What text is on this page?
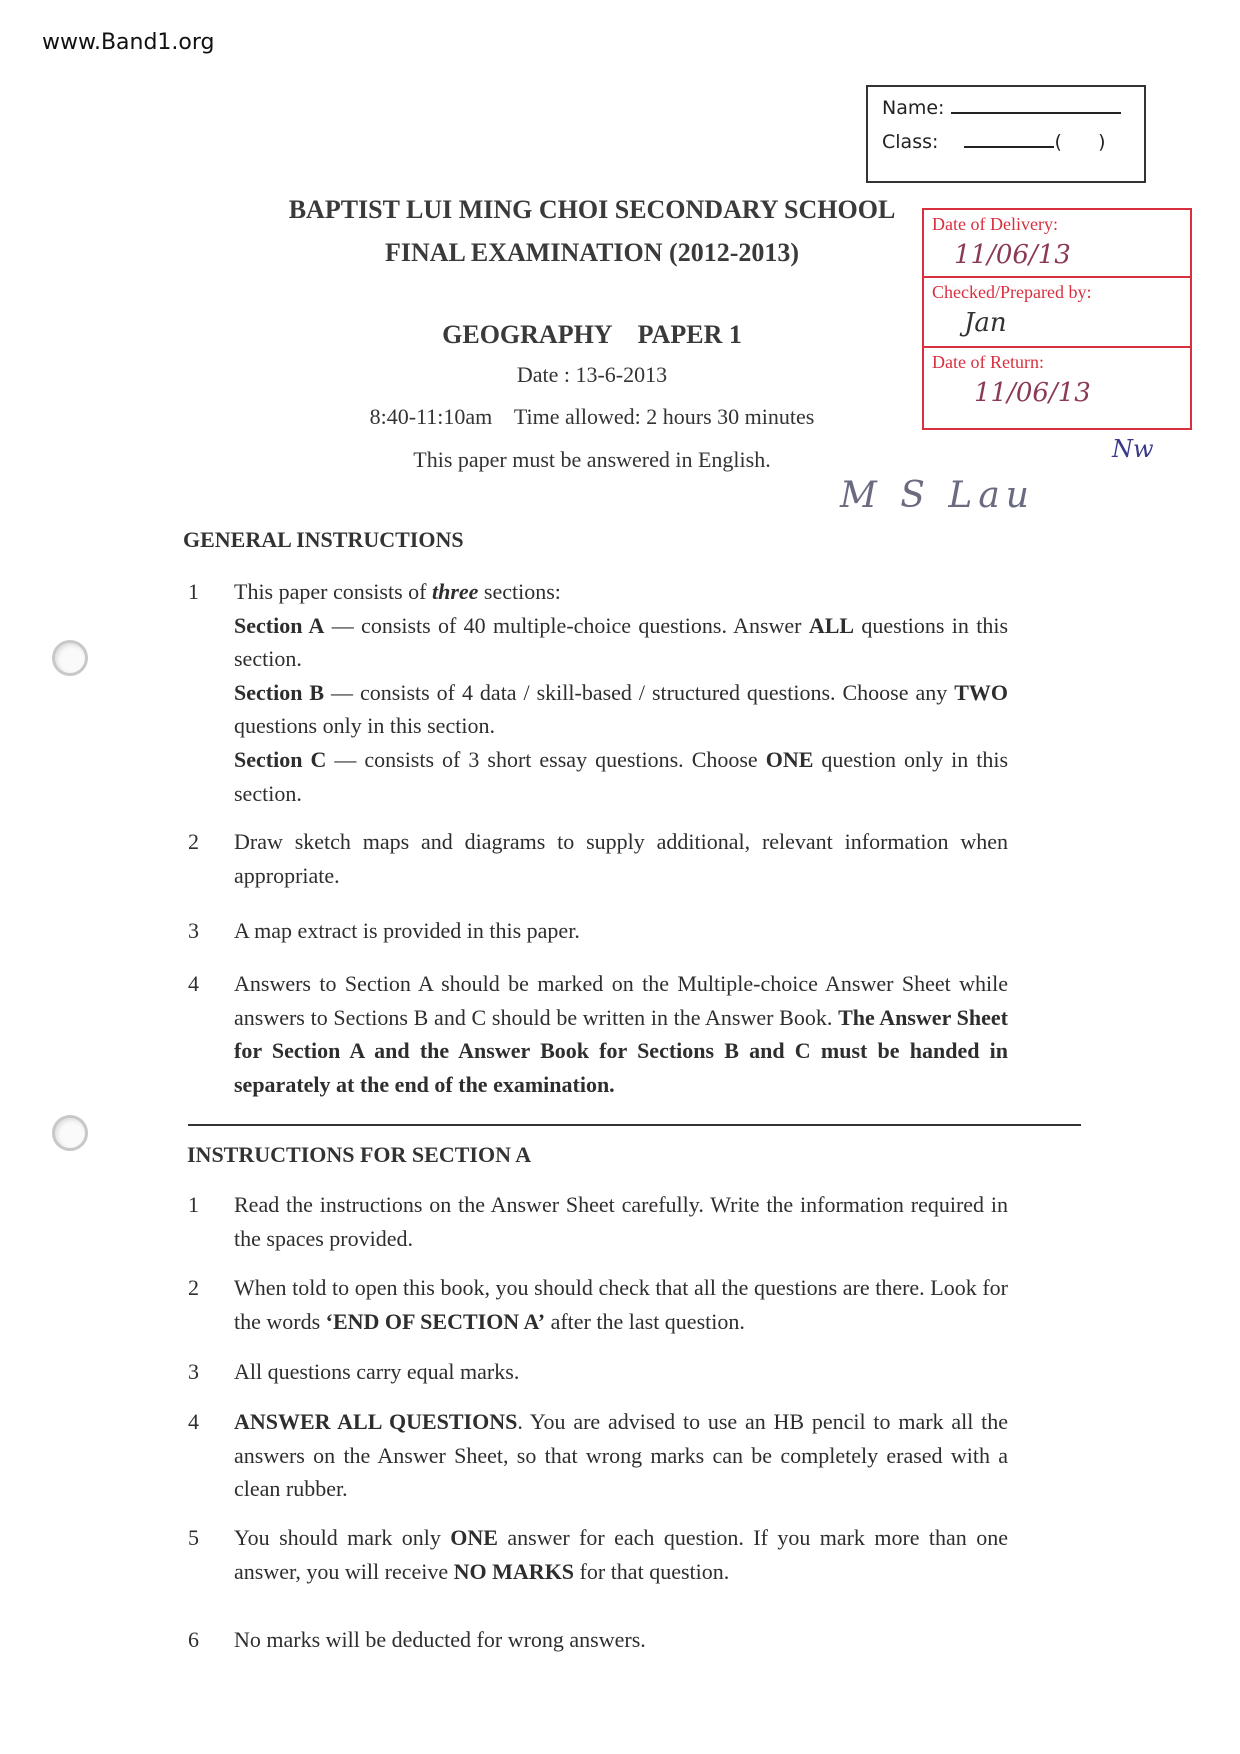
www.Band1.org
Name:
Class:	(      )
Date of Delivery:
11/06/13
Checked/Prepared by:
Jan
Date of Return:
11/06/13
Nw
M S Lau
BAPTIST LUI MING CHOI SECONDARY SCHOOL
FINAL EXAMINATION (2012-2013)
GEOGRAPHY    PAPER 1
Date : 13-6-2013
8:40-11:10am    Time allowed: 2 hours 30 minutes
This paper must be answered in English.
GENERAL INSTRUCTIONS
1 This paper consists of three sections:
Section A — consists of 40 multiple-choice questions. Answer ALL questions in this section.
Section B — consists of 4 data / skill-based / structured questions. Choose any TWO questions only in this section.
Section C — consists of 3 short essay questions. Choose ONE question only in this section.
2 Draw sketch maps and diagrams to supply additional, relevant information when appropriate.
3 A map extract is provided in this paper.
4 Answers to Section A should be marked on the Multiple-choice Answer Sheet while answers to Sections B and C should be written in the Answer Book. The Answer Sheet for Section A and the Answer Book for Sections B and C must be handed in separately at the end of the examination.
INSTRUCTIONS FOR SECTION A
1 Read the instructions on the Answer Sheet carefully. Write the information required in the spaces provided.
2 When told to open this book, you should check that all the questions are there. Look for the words ‘END OF SECTION A’ after the last question.
3 All questions carry equal marks.
4 ANSWER ALL QUESTIONS. You are advised to use an HB pencil to mark all the answers on the Answer Sheet, so that wrong marks can be completely erased with a clean rubber.
5 You should mark only ONE answer for each question. If you mark more than one answer, you will receive NO MARKS for that question.
6 No marks will be deducted for wrong answers.
